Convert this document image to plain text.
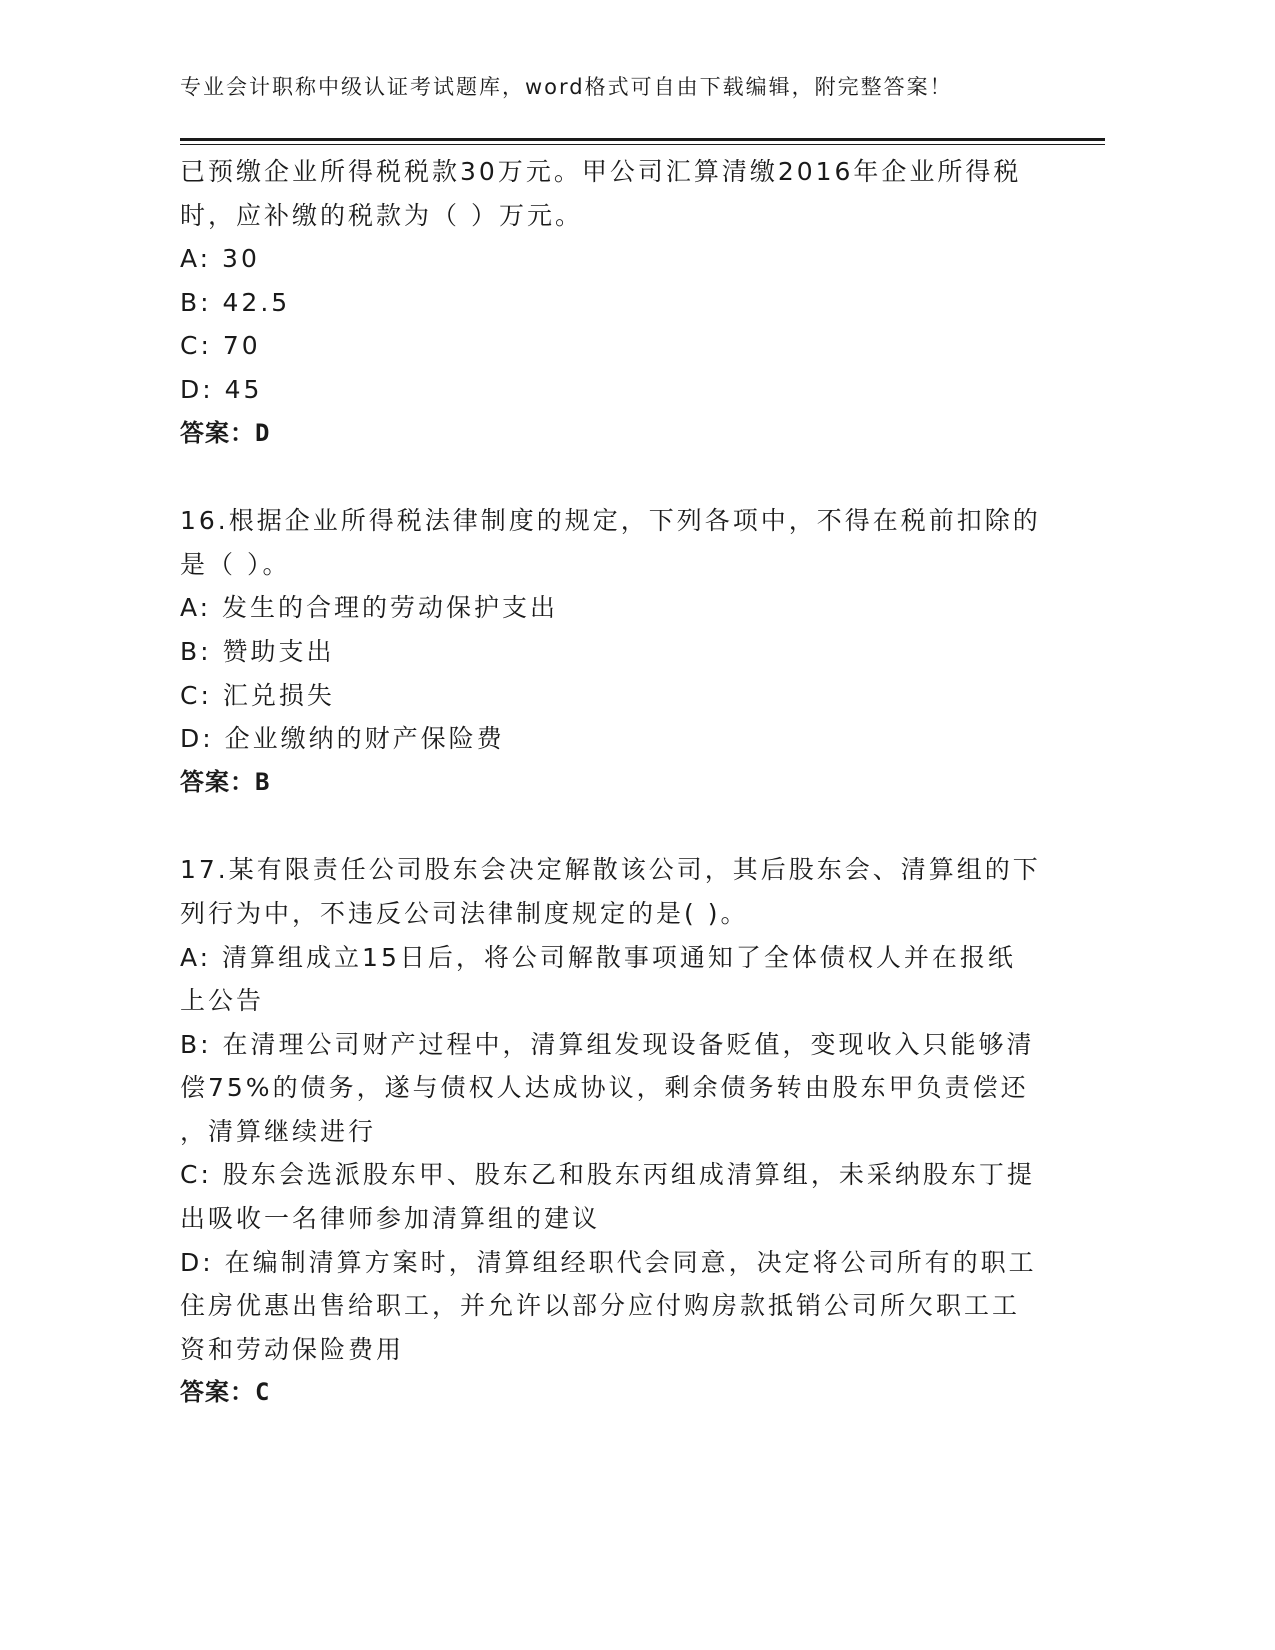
专业会计职称中级认证考试题库，word格式可自由下载编辑，附完整答案！
已预缴企业所得税税款30万元。甲公司汇算清缴2016年企业所得税
时，应补缴的税款为（ ）万元。
A: 30
B: 42.5
C: 70
D: 45
答案：D
16.根据企业所得税法律制度的规定，下列各项中，不得在税前扣除的
是（ ）。
A: 发生的合理的劳动保护支出
B: 赞助支出
C: 汇兑损失
D: 企业缴纳的财产保险费
答案：B
17.某有限责任公司股东会决定解散该公司，其后股东会、清算组的下
列行为中，不违反公司法律制度规定的是( )。
A: 清算组成立15日后，将公司解散事项通知了全体债权人并在报纸
上公告
B: 在清理公司财产过程中，清算组发现设备贬值，变现收入只能够清
偿75%的债务，遂与债权人达成协议，剩余债务转由股东甲负责偿还
，清算继续进行
C: 股东会选派股东甲、股东乙和股东丙组成清算组，未采纳股东丁提
出吸收一名律师参加清算组的建议
D: 在编制清算方案时，清算组经职代会同意，决定将公司所有的职工
住房优惠出售给职工，并允许以部分应付购房款抵销公司所欠职工工
资和劳动保险费用
答案：C
